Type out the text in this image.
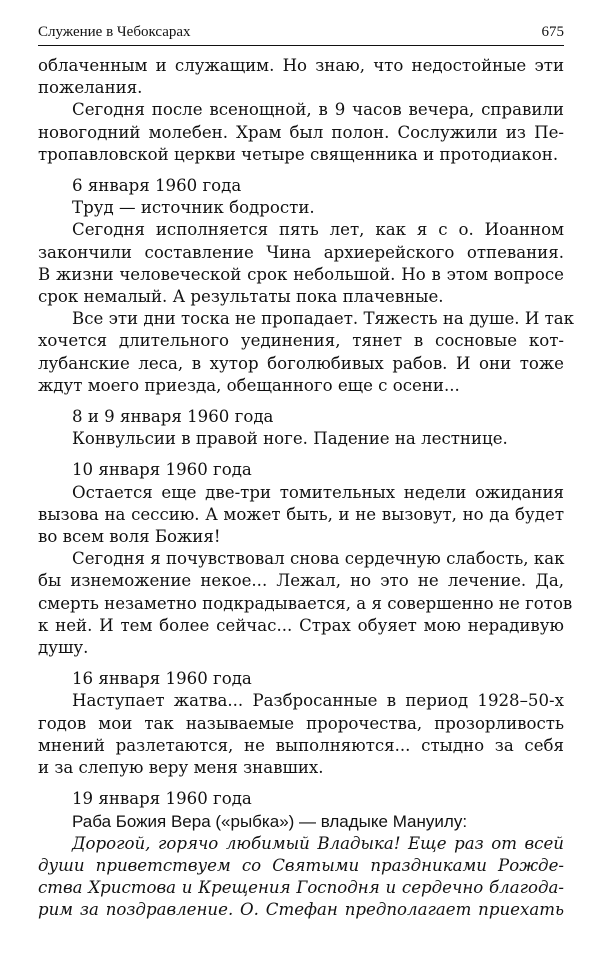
Служение в Чебоксарах	675
облаченным и служащим. Но знаю, что недостойные эти
пожелания.
Сегодня после всенощной, в 9 часов вечера, справили
новогодний молебен. Храм был полон. Сослужили из Пе-
тропавловской церкви четыре священника и протодиакон.
6 января 1960 года
Труд — источник бодрости.
Сегодня исполняется пять лет, как я с о. Иоанном
закончили составление Чина архиерейского отпевания.
В жизни человеческой срок небольшой. Но в этом вопросе
срок немалый. А результаты пока плачевные.
Все эти дни тоска не пропадает. Тяжесть на душе. И так
хочется длительного уединения, тянет в сосновые кот-
лубанские леса, в хутор боголюбивых рабов. И они тоже
ждут моего приезда, обещанного еще с осени...
8 и 9 января 1960 года
Конвульсии в правой ноге. Падение на лестнице.
10 января 1960 года
Остается еще две-три томительных недели ожидания
вызова на сессию. А может быть, и не вызовут, но да будет
во всем воля Божия!
Сегодня я почувствовал снова сердечную слабость, как
бы изнеможение некое... Лежал, но это не лечение. Да,
смерть незаметно подкрадывается, а я совершенно не готов
к ней. И тем более сейчас... Страх обуяет мою нерадивую
душу.
16 января 1960 года
Наступает жатва... Разбросанные в период 1928–50-х
годов мои так называемые пророчества, прозорливость
мнений разлетаются, не выполняются... стыдно за себя
и за слепую веру меня знавших.
19 января 1960 года
Раба Божия Вера («рыбка») — владыке Мануилу:
Дорогой, горячо любимый Владыка! Еще раз от всей
души приветствуем со Святыми праздниками Рожде-
ства Христова и Крещения Господня и сердечно благода-
рим за поздравление. О. Стефан предполагает приехать
